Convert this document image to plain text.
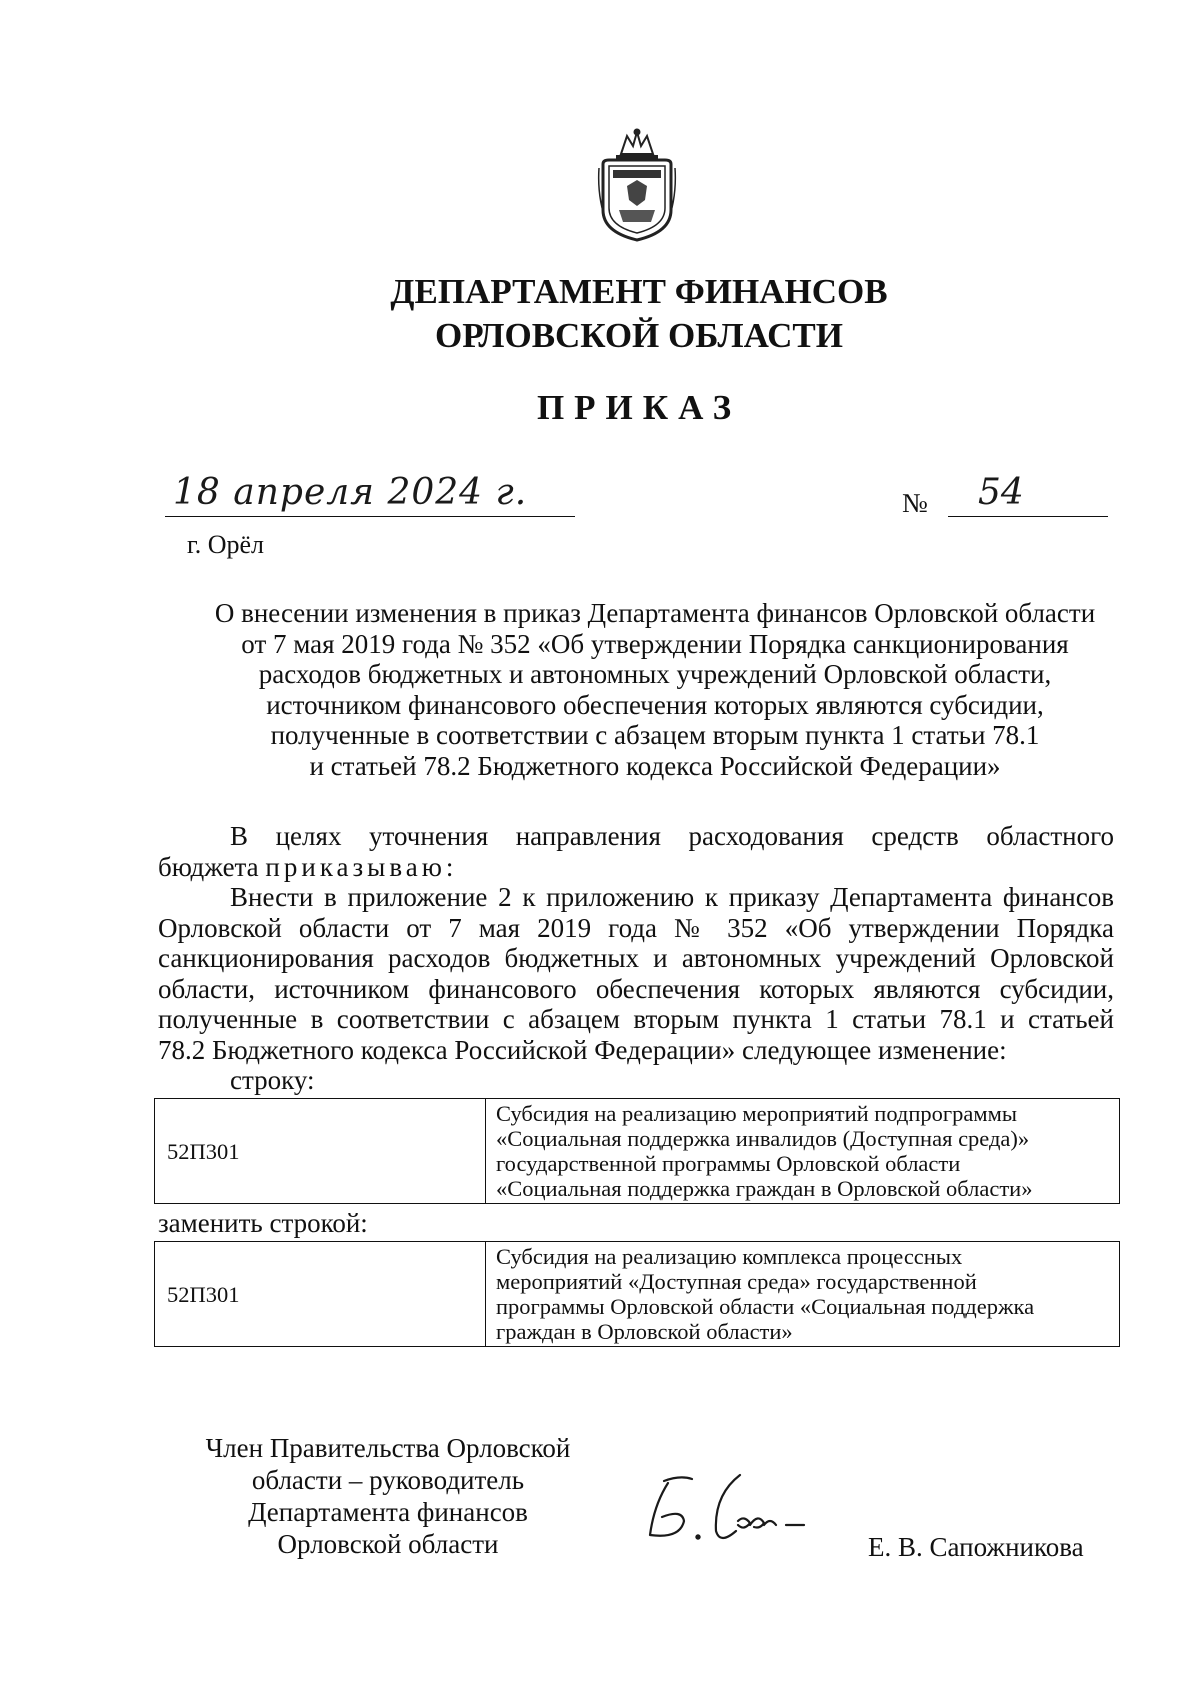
ДЕПАРТАМЕНТ ФИНАНСОВ
ОРЛОВСКОЙ ОБЛАСТИ
ПРИКАЗ
18 апреля 2024 г.	№	54
г. Орёл
О внесении изменения в приказ Департамента финансов Орловской области
от 7 мая 2019 года № 352 «Об утверждении Порядка санкционирования
расходов бюджетных и автономных учреждений Орловской области,
источником финансового обеспечения которых являются субсидии,
полученные в соответствии с абзацем вторым пункта 1 статьи 78.1
и статьей 78.2 Бюджетного кодекса Российской Федерации»
В целях уточнения направления расходования средств областного
бюджета приказываю:
Внести в приложение 2 к приложению к приказу Департамента финансов
Орловской области от 7 мая 2019 года № 352 «Об утверждении Порядка
санкционирования расходов бюджетных и автономных учреждений Орловской
области, источником финансового обеспечения которых являются субсидии,
полученные в соответствии с абзацем вторым пункта 1 статьи 78.1 и статьей
78.2 Бюджетного кодекса Российской Федерации» следующее изменение:
строку:
52П301	
Субсидия на реализацию мероприятий подпрограммы
«Социальная поддержка инвалидов (Доступная среда)»
государственной программы Орловской области
«Социальная поддержка граждан в Орловской области»
заменить строкой:
52П301	
Субсидия на реализацию комплекса процессных
мероприятий «Доступная среда» государственной
программы Орловской области «Социальная поддержка
граждан в Орловской области»
Член Правительства Орловской
области – руководитель
Департамента финансов
Орловской области	Е. В. Сапожникова
